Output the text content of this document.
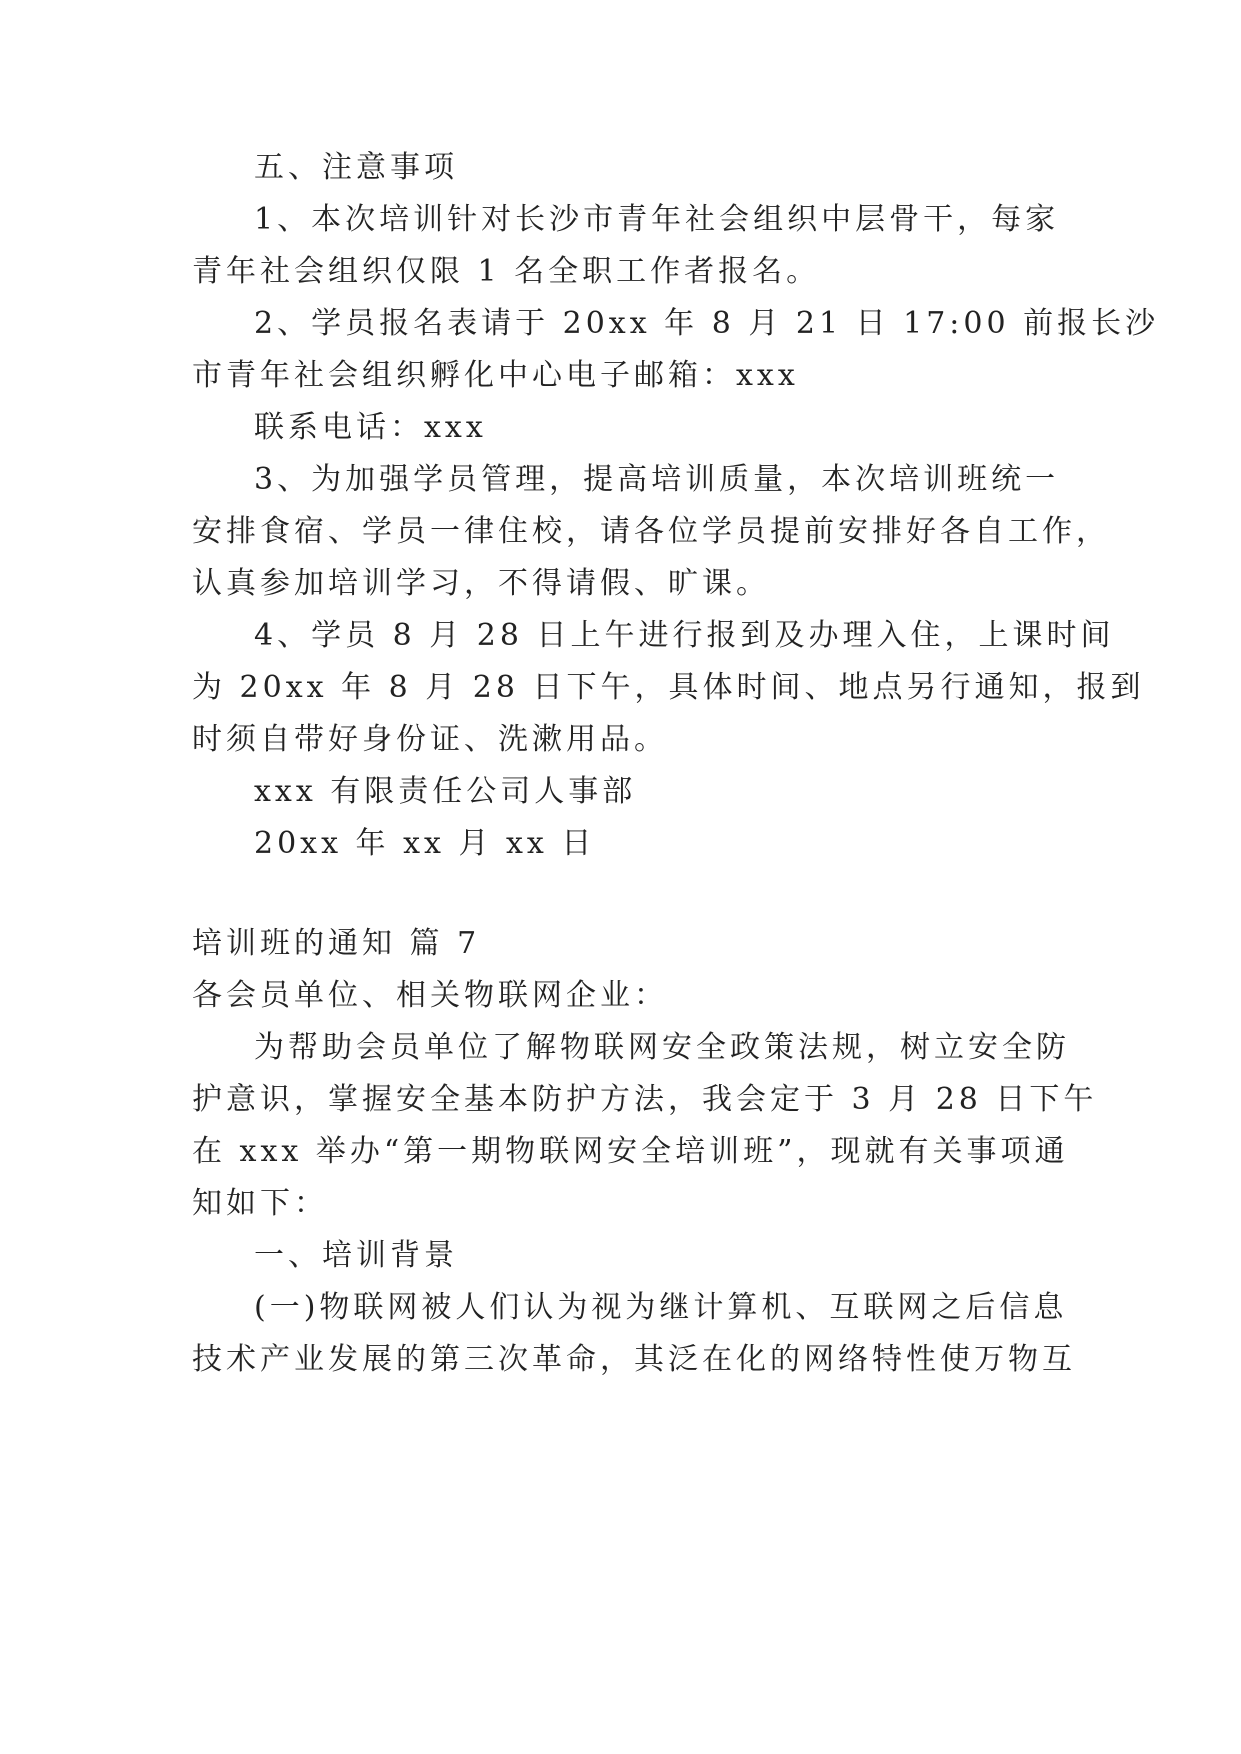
五、注意事项
1、本次培训针对长沙市青年社会组织中层骨干，每家
青年社会组织仅限 1 名全职工作者报名。
2、学员报名表请于 20xx 年 8 月 21 日 17:00 前报长沙
市青年社会组织孵化中心电子邮箱：xxx
联系电话：xxx
3、为加强学员管理，提高培训质量，本次培训班统一
安排食宿、学员一律住校，请各位学员提前安排好各自工作，
认真参加培训学习，不得请假、旷课。
4、学员 8 月 28 日上午进行报到及办理入住，上课时间
为 20xx 年 8 月 28 日下午，具体时间、地点另行通知，报到
时须自带好身份证、洗漱用品。
xxx 有限责任公司人事部
20xx 年 xx 月 xx 日
培训班的通知 篇 7
各会员单位、相关物联网企业：
为帮助会员单位了解物联网安全政策法规，树立安全防
护意识，掌握安全基本防护方法，我会定于 3 月 28 日下午
在 xxx 举办“第一期物联网安全培训班”，现就有关事项通
知如下：
一、培训背景
(一)物联网被人们认为视为继计算机、互联网之后信息
技术产业发展的第三次革命，其泛在化的网络特性使万物互
